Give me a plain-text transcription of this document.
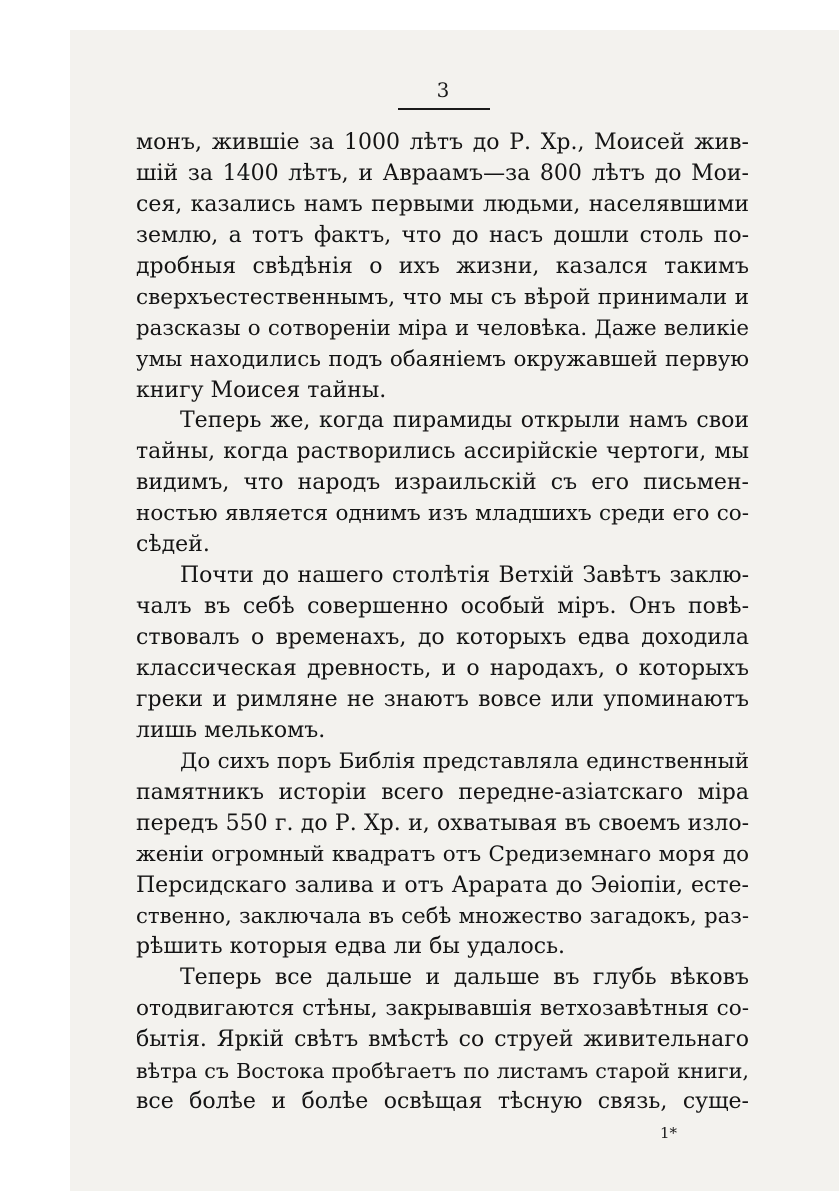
3
монъ, жившіе за 1000 лѣтъ до Р. Хр., Моисей жив-
шій за 1400 лѣтъ, и Авраамъ—за 800 лѣтъ до Мои-
сея, казались намъ первыми людьми, населявшими
землю, а тотъ фактъ, что до насъ дошли столь по-
дробныя свѣдѣнія о ихъ жизни, казался такимъ
сверхъестественнымъ, что мы съ вѣрой принимали и
разсказы о сотвореніи міра и человѣка. Даже великіе
умы находились подъ обаяніемъ окружавшей первую
книгу Моисея тайны.
Теперь же, когда пирамиды открыли намъ свои
тайны, когда растворились ассирійскіе чертоги, мы
видимъ, что народъ израильскій съ его письмен-
ностью является однимъ изъ младшихъ среди его со-
сѣдей.
Почти до нашего столѣтія Ветхій Завѣтъ заклю-
чалъ въ себѣ совершенно особый міръ. Онъ повѣ-
ствовалъ о временахъ, до которыхъ едва доходила
классическая древность, и о народахъ, о которыхъ
греки и римляне не знаютъ вовсе или упоминаютъ
лишь мелькомъ.
До сихъ поръ Библія представляла единственный
памятникъ исторіи всего передне-азіатскаго міра
передъ 550 г. до Р. Хр. и, охватывая въ своемъ изло-
женіи огромный квадратъ отъ Средиземнаго моря до
Персидскаго залива и отъ Арарата до Эѳіопіи, есте-
ственно, заключала въ себѣ множество загадокъ, раз-
рѣшить которыя едва ли бы удалось.
Теперь все дальше и дальше въ глубь вѣковъ
отодвигаются стѣны, закрывавшія ветхозавѣтныя со-
бытія. Яркій свѣтъ вмѣстѣ со струей живительнаго
вѣтра съ Востока пробѣгаетъ по листамъ старой книги,
все болѣе и болѣе освѣщая тѣсную связь, суще-
1*
